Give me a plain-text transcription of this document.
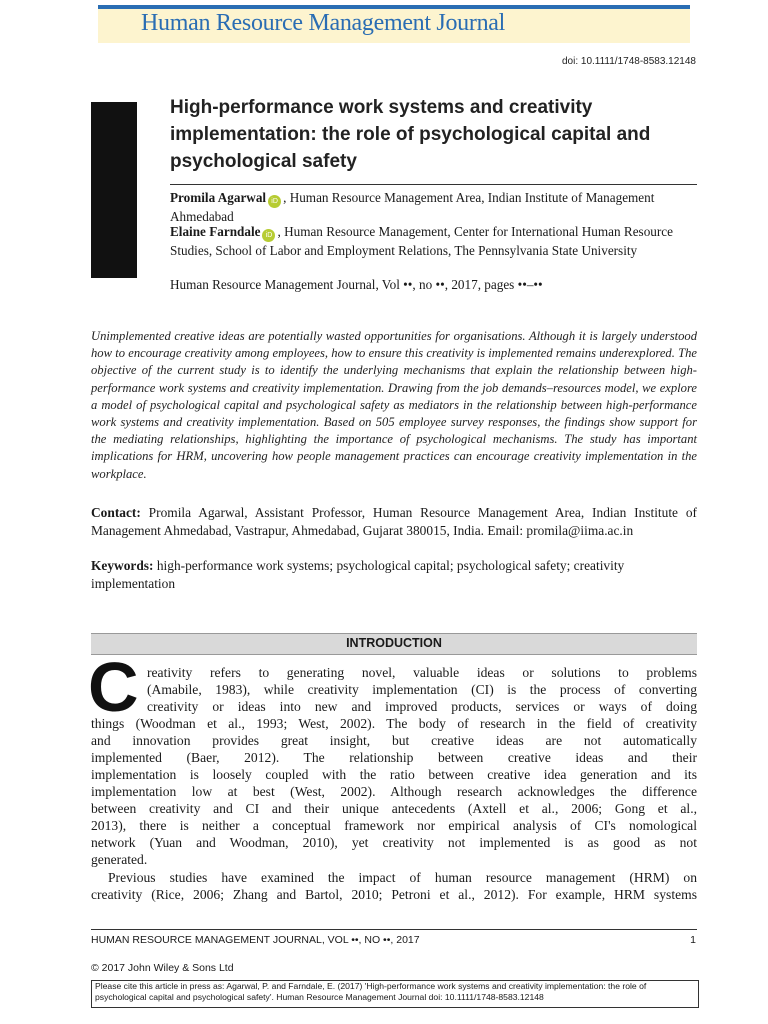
Human Resource Management Journal
doi: 10.1111/1748-8583.12148
High-performance work systems and creativity implementation: the role of psychological capital and psychological safety
Promila Agarwal iD , Human Resource Management Area, Indian Institute of Management Ahmedabad
Elaine Farndale iD , Human Resource Management, Center for International Human Resource Studies, School of Labor and Employment Relations, The Pennsylvania State University
Human Resource Management Journal, Vol ••, no ••, 2017, pages ••–••
Unimplemented creative ideas are potentially wasted opportunities for organisations. Although it is largely understood how to encourage creativity among employees, how to ensure this creativity is implemented remains underexplored. The objective of the current study is to identify the underlying mechanisms that explain the relationship between high-performance work systems and creativity implementation. Drawing from the job demands–resources model, we explore a model of psychological capital and psychological safety as mediators in the relationship between high-performance work systems and creativity implementation. Based on 505 employee survey responses, the findings show support for the mediating relationships, highlighting the importance of psychological mechanisms. The study has important implications for HRM, uncovering how people management practices can encourage creativity implementation in the workplace.
Contact: Promila Agarwal, Assistant Professor, Human Resource Management Area, Indian Institute of Management Ahmedabad, Vastrapur, Ahmedabad, Gujarat 380015, India. Email: promila@iima.ac.in
Keywords: high-performance work systems; psychological capital; psychological safety; creativity implementation
INTRODUCTION
C reativity refers to generating novel, valuable ideas or solutions to problems
(Amabile, 1983), while creativity implementation (CI) is the process of converting
creativity or ideas into new and improved products, services or ways of doing
things (Woodman et al., 1993; West, 2002). The body of research in the field of creativity
and innovation provides great insight, but creative ideas are not automatically
implemented (Baer, 2012). The relationship between creative ideas and their
implementation is loosely coupled with the ratio between creative idea generation and its
implementation low at best (West, 2002). Although research acknowledges the difference
between creativity and CI and their unique antecedents (Axtell et al., 2006; Gong et al.,
2013), there is neither a conceptual framework nor empirical analysis of CI's nomological
network (Yuan and Woodman, 2010), yet creativity not implemented is as good as not
generated.
Previous studies have examined the impact of human resource management (HRM) on
creativity (Rice, 2006; Zhang and Bartol, 2010; Petroni et al., 2012). For example, HRM systems
HUMAN RESOURCE MANAGEMENT JOURNAL, VOL ••, NO ••, 2017	1
© 2017 John Wiley & Sons Ltd
Please cite this article in press as: Agarwal, P. and Farndale, E. (2017) 'High-performance work systems and creativity implementation: the role of psychological capital and psychological safety'. Human Resource Management Journal doi: 10.1111/1748-8583.12148
